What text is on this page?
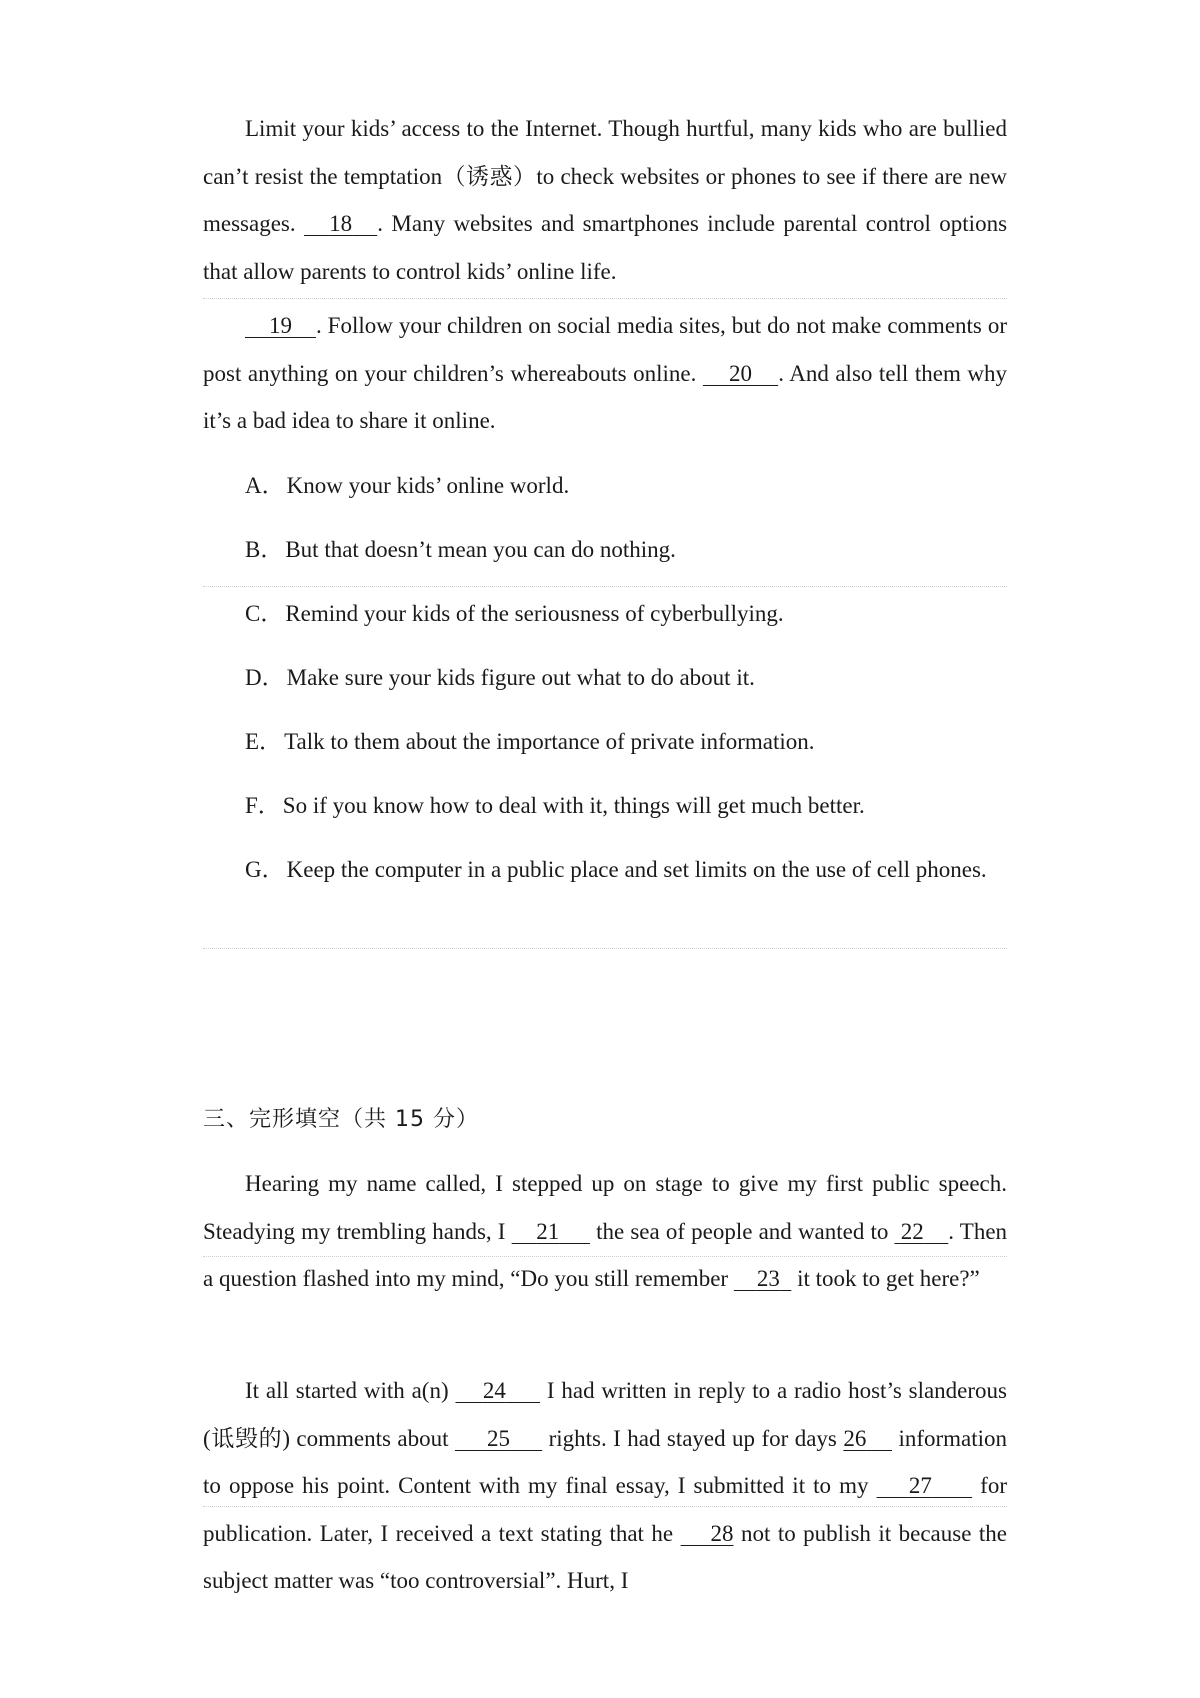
Limit your kids’ access to the Internet. Though hurtful, many kids who are bullied can’t resist the temptation（诱惑）to check websites or phones to see if there are new messages.    18 . Many websites and smartphones include parental control options that allow parents to control kids’ online life.

19 . Follow your children on social media sites, but do not make comments or post anything on your children’s whereabouts online.     20 . And also tell them why it’s a bad idea to share it online.

A．Know your kids’ online world.

B．But that doesn’t mean you can do nothing.

C．Remind your kids of the seriousness of cyberbullying.

D．Make sure your kids figure out what to do about it.

E．Talk to them about the importance of private information.

F．So if you know how to deal with it, things will get much better.

G．Keep the computer in a public place and set limits on the use of cell phones.

三、完形填空（共 15 分）

Hearing my name called, I stepped up on stage to give my first public speech. Steadying my trembling hands, I     21      the sea of people and wanted to  22 . Then a question flashed into my mind, “Do you still remember     23   it took to get here?”

It all started with a(n)     24      I had written in reply to a radio host’s slanderous (诋毁的) comments about      25      rights. I had stayed up for days 26     information to oppose his point. Content with my final essay, I submitted it to my     27      for publication. Later, I received a text stating that he     28 not to publish it because the subject matter was “too controversial”. Hurt, I
